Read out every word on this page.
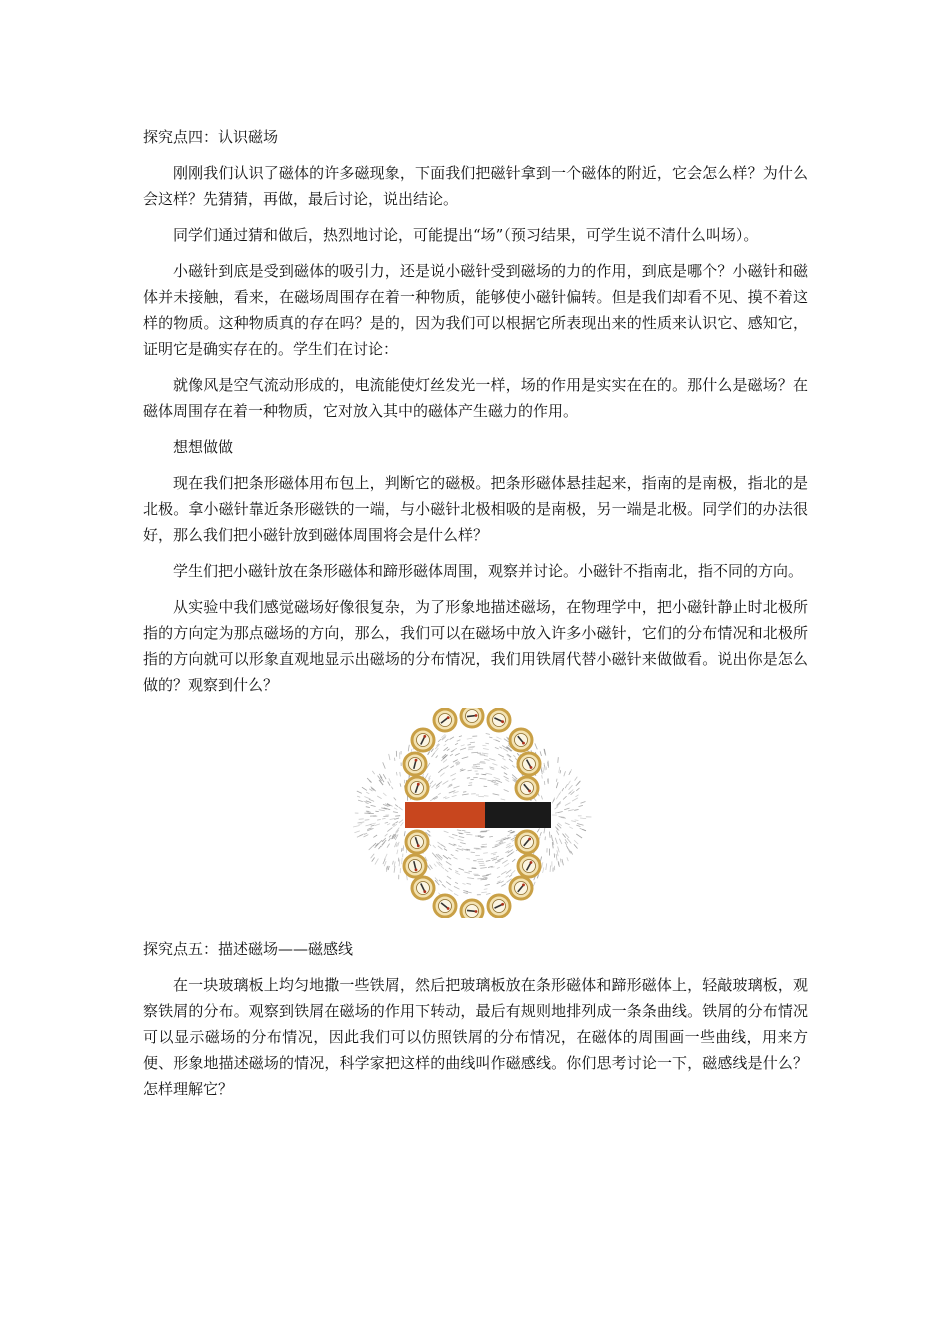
探究点四：认识磁场

刚刚我们认识了磁体的许多磁现象，下面我们把磁针拿到一个磁体的附近，它会怎么样？为什么会这样？先猜猜，再做，最后讨论，说出结论。

同学们通过猜和做后，热烈地讨论，可能提出“场”（预习结果，可学生说不清什么叫场）。

小磁针到底是受到磁体的吸引力，还是说小磁针受到磁场的力的作用，到底是哪个？小磁针和磁体并未接触，看来，在磁场周围存在着一种物质，能够使小磁针偏转。但是我们却看不见、摸不着这样的物质。这种物质真的存在吗？是的，因为我们可以根据它所表现出来的性质来认识它、感知它，证明它是确实存在的。学生们在讨论：

就像风是空气流动形成的，电流能使灯丝发光一样，场的作用是实实在在的。那什么是磁场？在磁体周围存在着一种物质，它对放入其中的磁体产生磁力的作用。

想想做做

现在我们把条形磁体用布包上，判断它的磁极。把条形磁体悬挂起来，指南的是南极，指北的是北极。拿小磁针靠近条形磁铁的一端，与小磁针北极相吸的是南极，另一端是北极。同学们的办法很好，那么我们把小磁针放到磁体周围将会是什么样？

学生们把小磁针放在条形磁体和蹄形磁体周围，观察并讨论。小磁针不指南北，指不同的方向。

从实验中我们感觉磁场好像很复杂，为了形象地描述磁场，在物理学中，把小磁针静止时北极所指的方向定为那点磁场的方向，那么，我们可以在磁场中放入许多小磁针，它们的分布情况和北极所指的方向就可以形象直观地显示出磁场的分布情况，我们用铁屑代替小磁针来做做看。说出你是怎么做的？观察到什么？

探究点五：描述磁场——磁感线

在一块玻璃板上均匀地撒一些铁屑，然后把玻璃板放在条形磁体和蹄形磁体上，轻敲玻璃板，观察铁屑的分布。观察到铁屑在磁场的作用下转动，最后有规则地排列成一条条曲线。铁屑的分布情况可以显示磁场的分布情况，因此我们可以仿照铁屑的分布情况，在磁体的周围画一些曲线，用来方便、形象地描述磁场的情况，科学家把这样的曲线叫作磁感线。你们思考讨论一下，磁感线是什么？怎样理解它？
